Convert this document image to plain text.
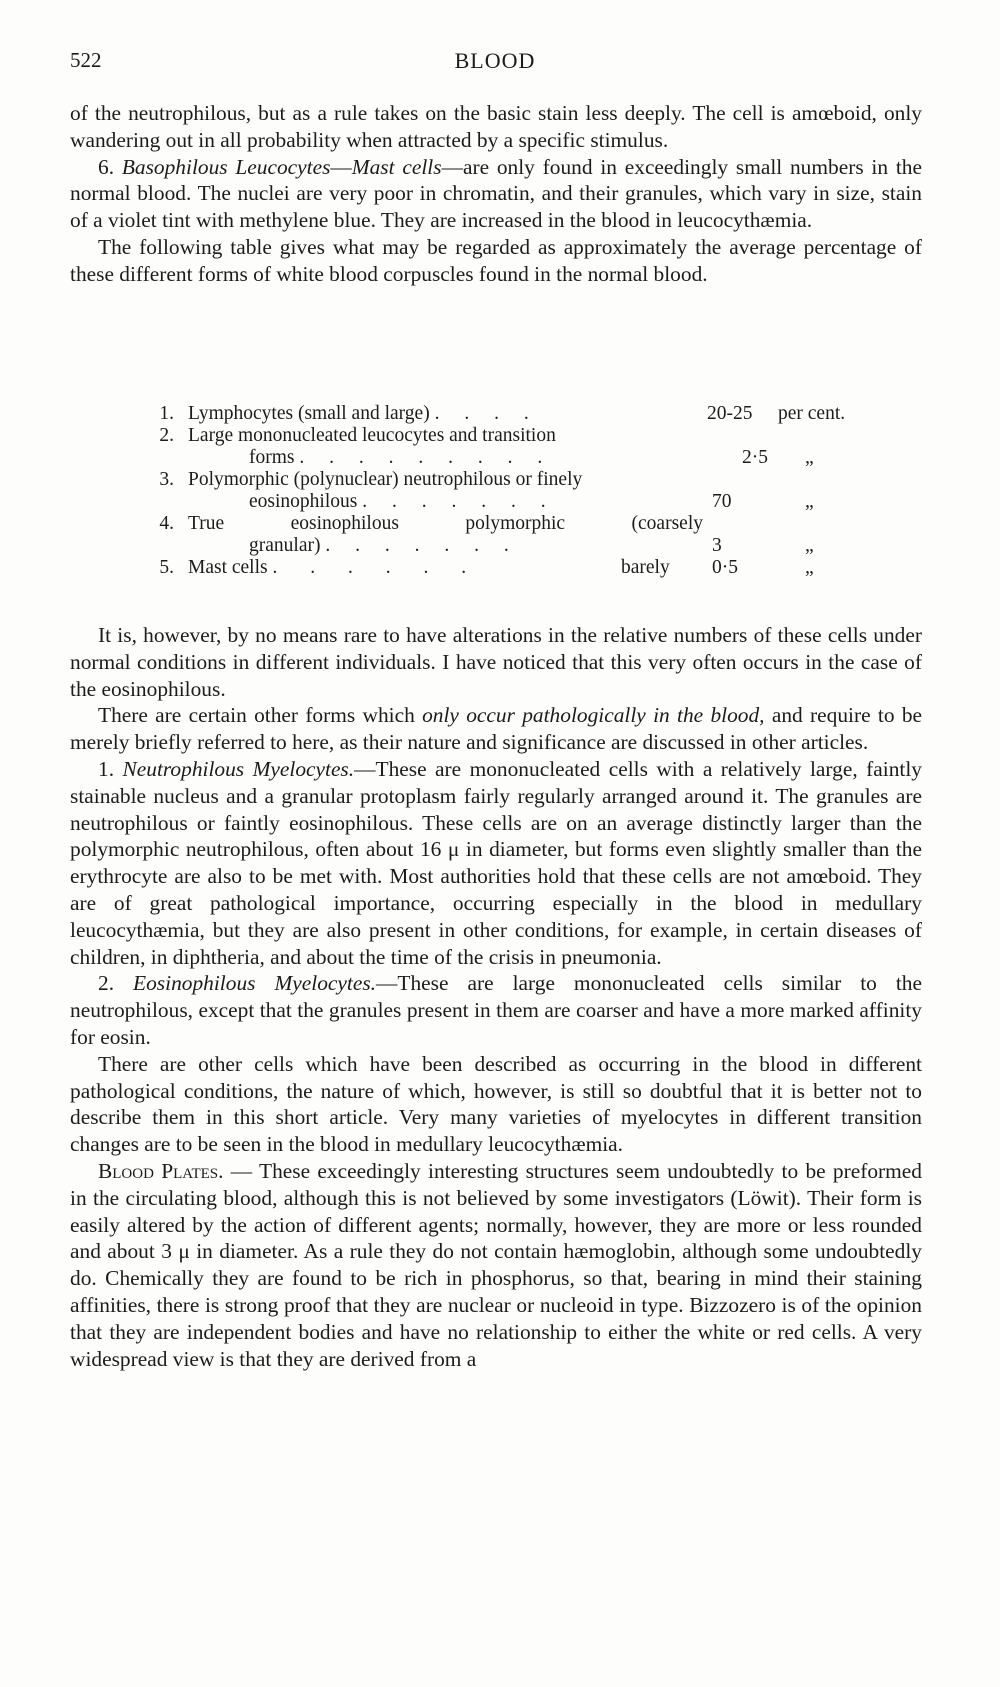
522	BLOOD

of the neutrophilous, but as a rule takes on the basic stain less deeply. The cell is amœboid, only wandering out in all probability when attracted by a specific stimulus.

6. Basophilous Leucocytes—Mast cells—are only found in exceedingly small numbers in the normal blood. The nuclei are very poor in chromatin, and their granules, which vary in size, stain of a violet tint with methylene blue. They are increased in the blood in leucocythæmia.

The following table gives what may be regarded as approximately the average percentage of these different forms of white blood corpuscles found in the normal blood.

1. Lymphocytes (small and large) . . . .	20-25 per cent.
2. Large mononucleated leucocytes and transition
forms . . . . . . . . .	2·5 „
3. Polymorphic (polynuclear) neutrophilous or finely
eosinophilous . . . . . . .	70	„
4. True eosinophilous polymorphic (coarsely
granular) . . . . . . .	3	„
5. Mast cells . . . . . .	barely 0·5	„

It is, however, by no means rare to have alterations in the relative numbers of these cells under normal conditions in different individuals. I have noticed that this very often occurs in the case of the eosinophilous.

There are certain other forms which only occur pathologically in the blood, and require to be merely briefly referred to here, as their nature and significance are discussed in other articles.

1. Neutrophilous Myelocytes.—These are mononucleated cells with a relatively large, faintly stainable nucleus and a granular protoplasm fairly regularly arranged around it. The granules are neutrophilous or faintly eosinophilous. These cells are on an average distinctly larger than the polymorphic neutrophilous, often about 16 μ in diameter, but forms even slightly smaller than the erythrocyte are also to be met with. Most authorities hold that these cells are not amœboid. They are of great pathological importance, occurring especially in the blood in medullary leucocythæmia, but they are also present in other conditions, for example, in certain diseases of children, in diphtheria, and about the time of the crisis in pneumonia.

2. Eosinophilous Myelocytes.—These are large mononucleated cells similar to the neutrophilous, except that the granules present in them are coarser and have a more marked affinity for eosin.

There are other cells which have been described as occurring in the blood in different pathological conditions, the nature of which, however, is still so doubtful that it is better not to describe them in this short article. Very many varieties of myelocytes in different transition changes are to be seen in the blood in medullary leucocythæmia.

Blood Plates. — These exceedingly interesting structures seem undoubtedly to be preformed in the circulating blood, although this is not believed by some investigators (Löwit). Their form is easily altered by the action of different agents; normally, however, they are more or less rounded and about 3 μ in diameter. As a rule they do not contain hæmoglobin, although some undoubtedly do. Chemically they are found to be rich in phosphorus, so that, bearing in mind their staining affinities, there is strong proof that they are nuclear or nucleoid in type. Bizzozero is of the opinion that they are independent bodies and have no relationship to either the white or red cells. A very widespread view is that they are derived from a
